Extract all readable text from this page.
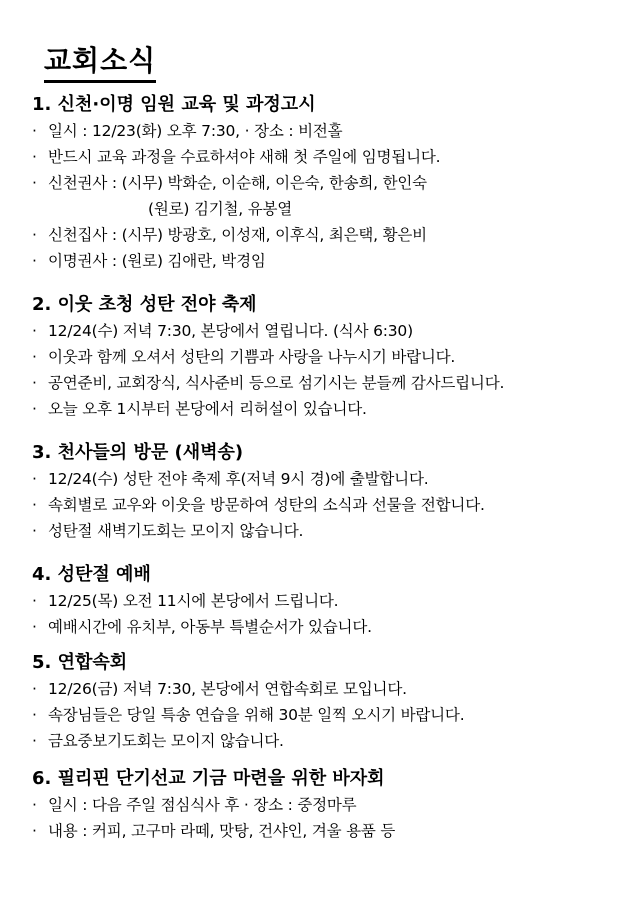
교회소식
1. 신천·이명 임원 교육 및 과정고시
· 일시 : 12/23(화) 오후 7:30, · 장소 : 비전홀
· 반드시 교육 과정을 수료하셔야 새해 첫 주일에 임명됩니다.
· 신천권사 : (시무) 박화순, 이순해, 이은숙, 한송희, 한인숙
(원로) 김기철, 유봉열
· 신천집사 : (시무) 방광호, 이성재, 이후식, 최은택, 황은비
· 이명권사 : (원로) 김애란, 박경임
2. 이웃 초청 성탄 전야 축제
· 12/24(수) 저녁 7:30, 본당에서 열립니다. (식사 6:30)
· 이웃과 함께 오셔서 성탄의 기쁨과 사랑을 나누시기 바랍니다.
· 공연준비, 교회장식, 식사준비 등으로 섬기시는 분들께 감사드립니다.
· 오늘 오후 1시부터 본당에서 리허설이 있습니다.
3. 천사들의 방문 (새벽송)
· 12/24(수) 성탄 전야 축제 후(저녁 9시 경)에 출발합니다.
· 속회별로 교우와 이웃을 방문하여 성탄의 소식과 선물을 전합니다.
· 성탄절 새벽기도회는 모이지 않습니다.
4. 성탄절 예배
· 12/25(목) 오전 11시에 본당에서 드립니다.
· 예배시간에 유치부, 아동부 특별순서가 있습니다.
5. 연합속회
· 12/26(금) 저녁 7:30, 본당에서 연합속회로 모입니다.
· 속장님들은 당일 특송 연습을 위해 30분 일찍 오시기 바랍니다.
· 금요중보기도회는 모이지 않습니다.
6. 필리핀 단기선교 기금 마련을 위한 바자회
· 일시 : 다음 주일 점심식사 후 · 장소 : 중정마루
· 내용 : 커피, 고구마 라떼, 맛탕, 건샤인, 겨울 용품 등
